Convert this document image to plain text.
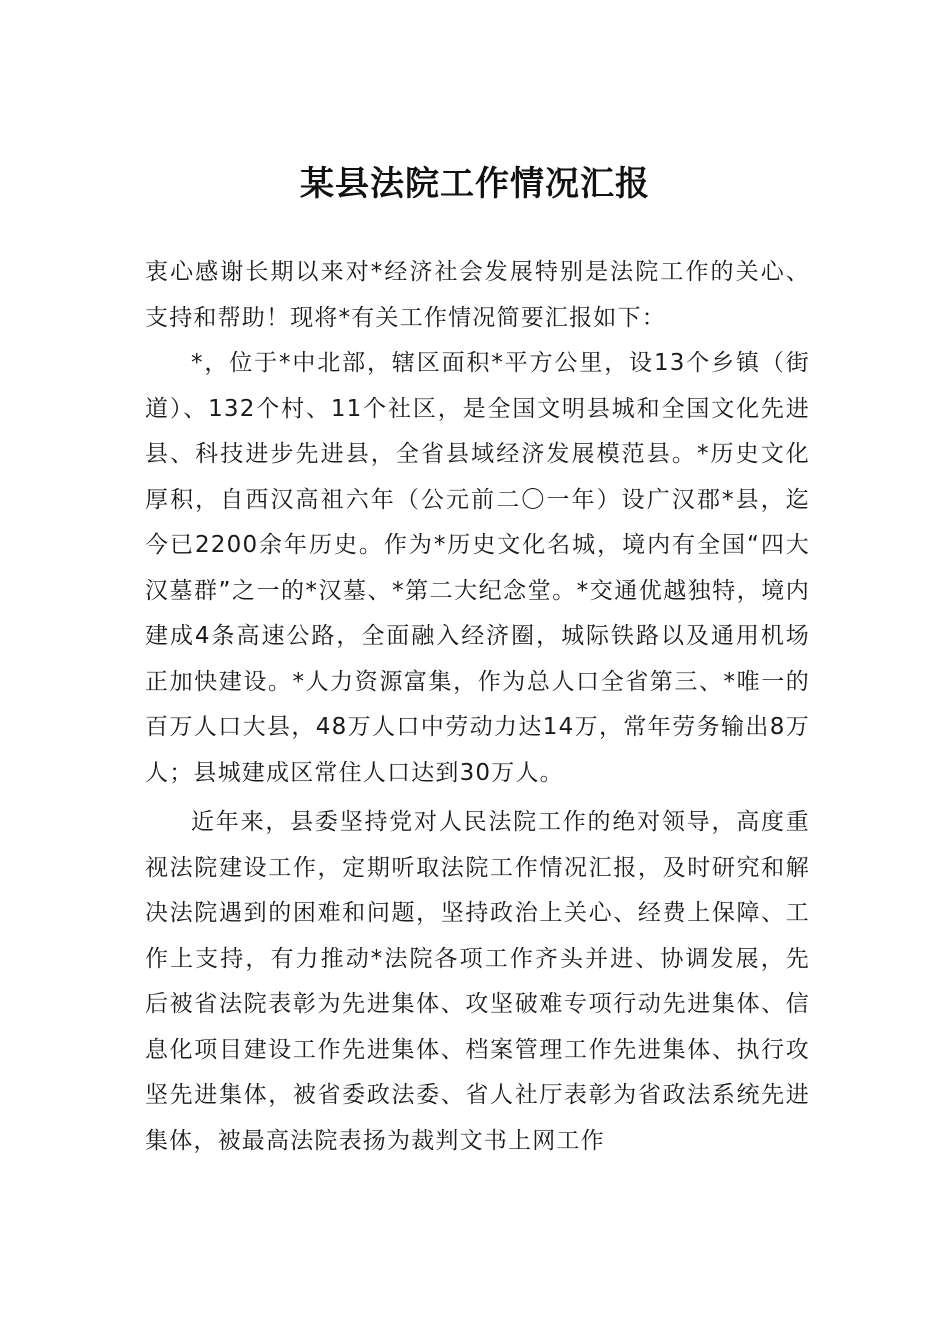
某县法院工作情况汇报

衷心感谢长期以来对*经济社会发展特别是法院工作的关心、支持和帮助！现将*有关工作情况简要汇报如下：

*，位于*中北部，辖区面积*平方公里，设13个乡镇（街道）、132个村、11个社区，是全国文明县城和全国文化先进县、科技进步先进县，全省县域经济发展模范县。*历史文化厚积，自西汉高祖六年（公元前二〇一年）设广汉郡*县，迄今已2200余年历史。作为*历史文化名城，境内有全国“四大汉墓群”之一的*汉墓、*第二大纪念堂。*交通优越独特，境内建成4条高速公路，全面融入经济圈，城际铁路以及通用机场正加快建设。*人力资源富集，作为总人口全省第三、*唯一的百万人口大县，48万人口中劳动力达14万，常年劳务输出8万人；县城建成区常住人口达到30万人。

近年来，县委坚持党对人民法院工作的绝对领导，高度重视法院建设工作，定期听取法院工作情况汇报，及时研究和解决法院遇到的困难和问题，坚持政治上关心、经费上保障、工作上支持，有力推动*法院各项工作齐头并进、协调发展，先后被省法院表彰为先进集体、攻坚破难专项行动先进集体、信息化项目建设工作先进集体、档案管理工作先进集体、执行攻坚先进集体，被省委政法委、省人社厅表彰为省政法系统先进集体，被最高法院表扬为裁判文书上网工作
